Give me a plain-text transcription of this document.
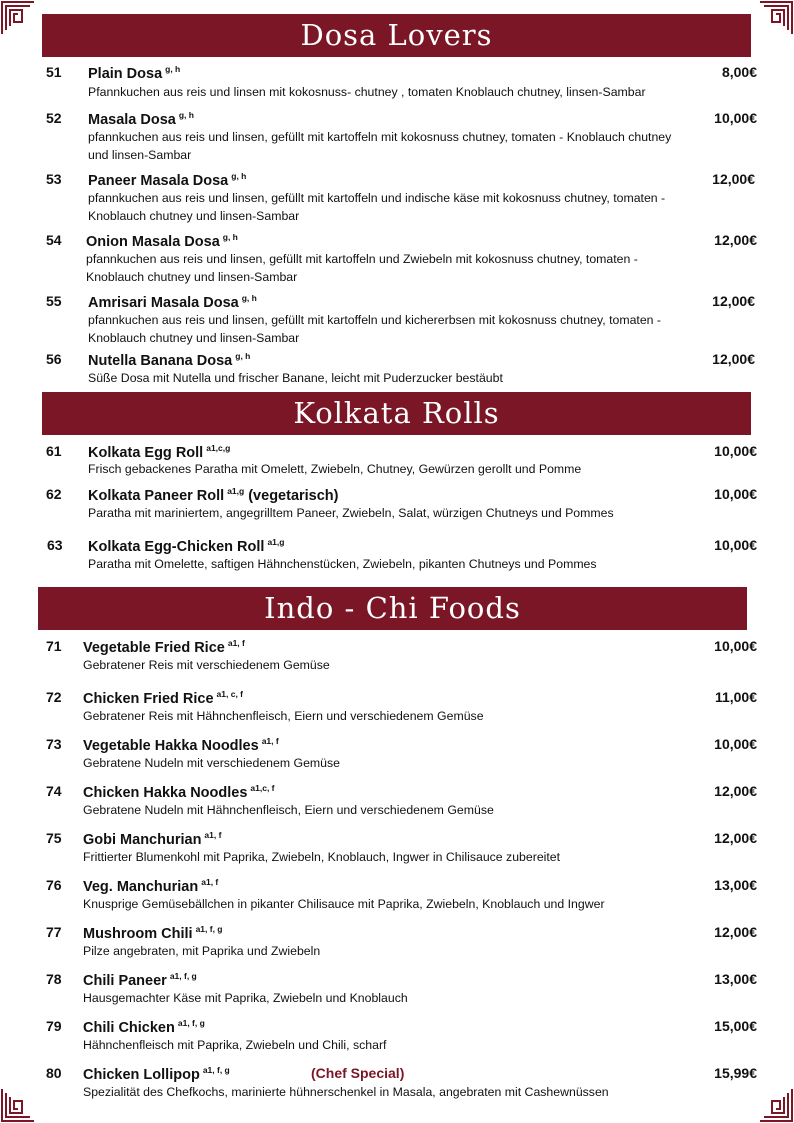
Dosa Lovers
51 Plain Dosa $^{g, h}$	8,00€
Pfannkuchen aus reis und linsen mit kokosnuss- chutney , tomaten Knoblauch chutney, linsen-Sambar
52 Masala Dosa $^{g, h}$	10,00€
pfannkuchen aus reis und linsen, gefüllt mit kartoffeln mit kokosnuss chutney, tomaten - Knoblauch chutney und linsen-Sambar
53 Paneer Masala Dosa $^{g, h}$	12,00€
pfannkuchen aus reis und linsen, gefüllt mit kartoffeln und indische käse mit kokosnuss chutney, tomaten - Knoblauch chutney und linsen-Sambar
54 Onion Masala Dosa $^{g, h}$	12,00€
pfannkuchen aus reis und linsen, gefüllt mit kartoffeln und Zwiebeln mit kokosnuss chutney, tomaten - Knoblauch chutney und linsen-Sambar
55 Amrisari Masala Dosa $^{g, h}$	12,00€
pfannkuchen aus reis und linsen, gefüllt mit kartoffeln und kichererbsen mit kokosnuss chutney, tomaten - Knoblauch chutney und linsen-Sambar
56 Nutella Banana Dosa $^{g, h}$	12,00€
Süße Dosa mit Nutella und frischer Banane, leicht mit Puderzucker bestäubt
Kolkata Rolls
61 Kolkata Egg Roll $^{a1,c,g}$	10,00€
Frisch gebackenes Paratha mit Omelett, Zwiebeln, Chutney, Gewürzen gerollt und Pomme
62 Kolkata Paneer Roll $^{a1,g}$ (vegetarisch)	10,00€
Paratha mit mariniertem, angegrilltem Paneer, Zwiebeln, Salat, würzigen Chutneys und Pommes
63 Kolkata Egg-Chicken Roll $^{a1,g}$	10,00€
Paratha mit Omelette, saftigen Hähnchenstücken, Zwiebeln, pikanten Chutneys und Pommes
Indo - Chi Foods
71 Vegetable Fried Rice $^{a1, f}$	10,00€
Gebratener Reis mit verschiedenem Gemüse
72 Chicken Fried Rice $^{a1, c, f}$	11,00€
Gebratener Reis mit Hähnchenfleisch, Eiern und verschiedenem Gemüse
73 Vegetable Hakka Noodles $^{a1, f}$	10,00€
Gebratene Nudeln mit verschiedenem Gemüse
74 Chicken Hakka Noodles $^{a1,c, f}$	12,00€
Gebratene Nudeln mit Hähnchenfleisch, Eiern und verschiedenem Gemüse
75 Gobi Manchurian $^{a1, f}$	12,00€
Frittierter Blumenkohl mit Paprika, Zwiebeln, Knoblauch, Ingwer in Chilisauce zubereitet
76 Veg. Manchurian $^{a1, f}$	13,00€
Knusprige Gemüsebällchen in pikanter Chilisauce mit Paprika, Zwiebeln, Knoblauch und Ingwer
77 Mushroom Chili $^{a1, f, g}$	12,00€
Pilze angebraten, mit Paprika und Zwiebeln
78 Chili Paneer $^{a1, f, g}$	13,00€
Hausgemachter Käse mit Paprika, Zwiebeln und Knoblauch
79 Chili Chicken $^{a1, f, g}$	15,00€
Hähnchenfleisch mit Paprika, Zwiebeln und Chili, scharf
80 Chicken Lollipop $^{a1, f, g}$	(Chef Special)	15,99€
Spezialität des Chefkochs, marinierte hühnerschenkel in Masala, angebraten mit Cashewnüssen
